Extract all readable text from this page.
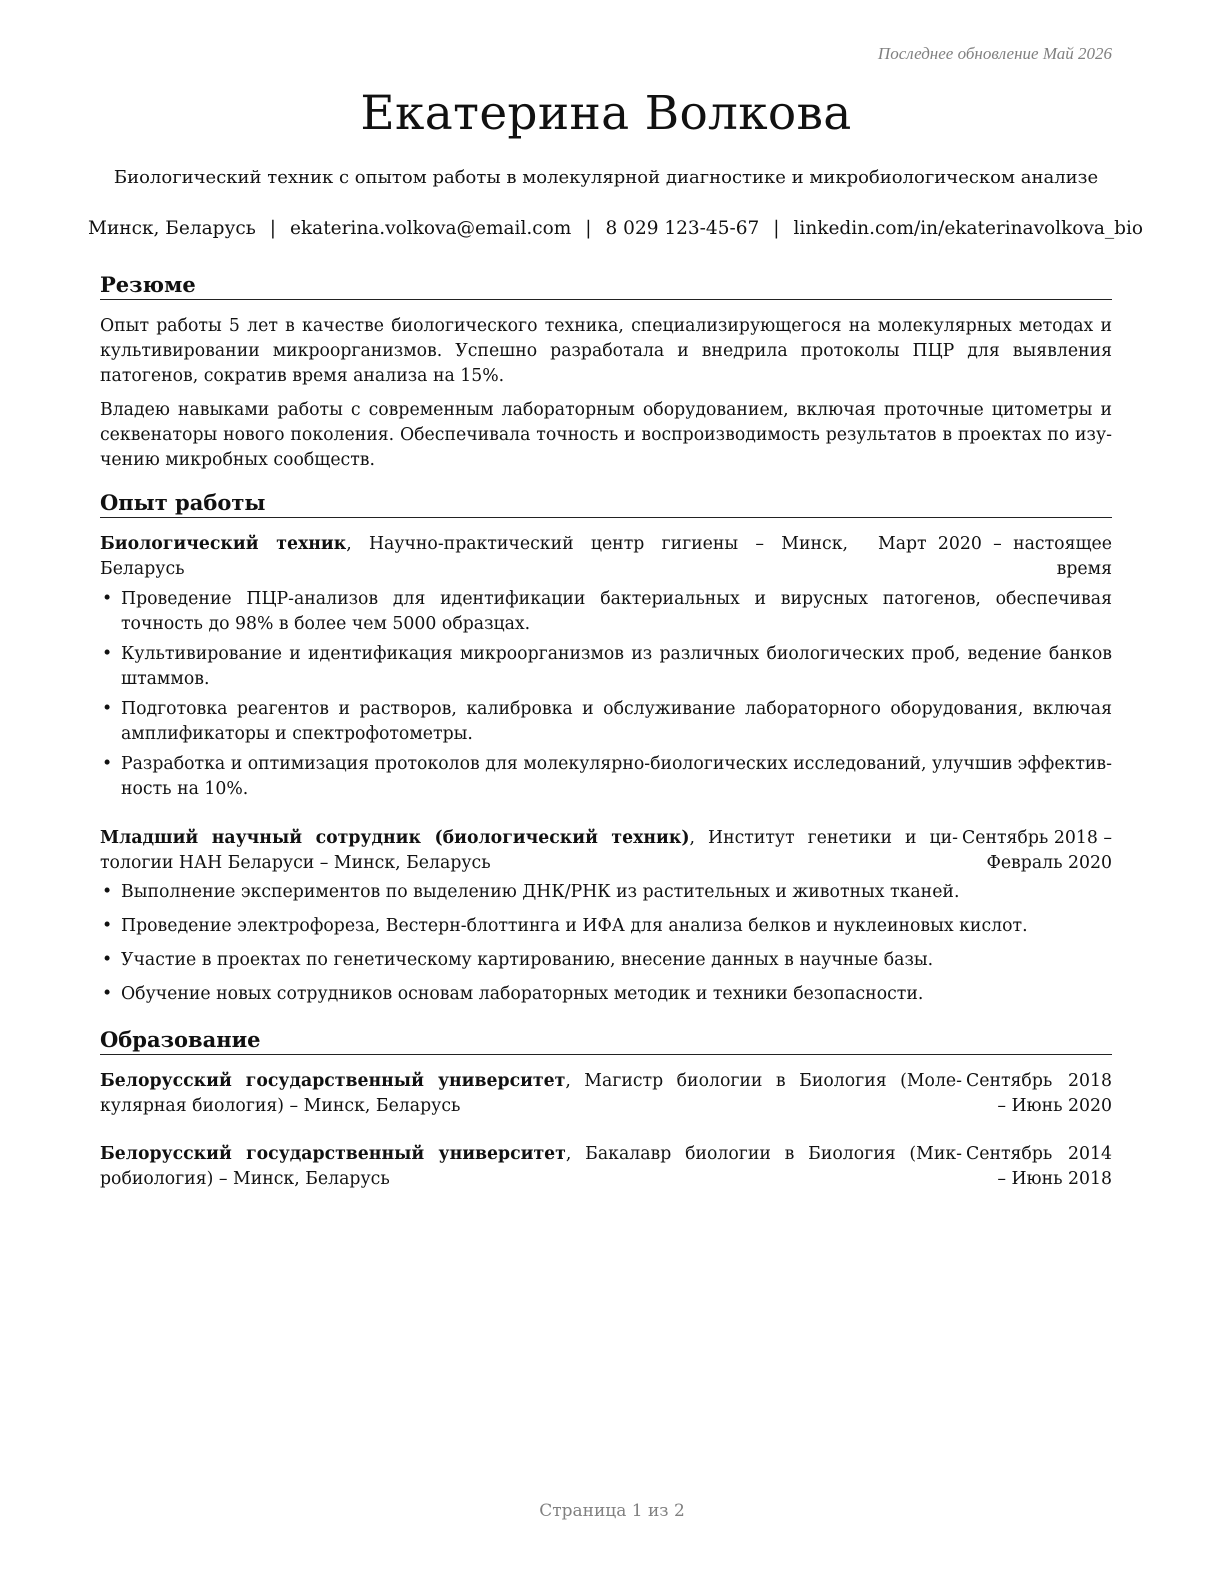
Последнее обновление Май 2026
Екатерина Волкова

Биологический техник с опытом работы в молекулярной диагностике и микробиологическом анализе

Минск, Беларусь | ekaterina.volkova@email.com | 8 029 123-45-67 | linkedin.com/in/ekaterinavolkova_bio
Резюме

Опыт работы 5 лет в качестве биологического техника, специализирующегося на молекулярных методах и культивировании микроорганизмов. Успешно разработала и внедрила протоколы ПЦР для выявления патогенов, сократив время анализа на 15%.

Владею навыками работы с современным лабораторным оборудованием, включая проточные цитометры и секвенаторы нового поколения. Обеспечивала точность и воспроизводимость результатов в проектах по изучению микробных сообществ.

Опыт работы
Биологический техник, Научно-практический центр гигиены – Минск, Беларусь
Март 2020 – настоящее время
• Проведение ПЦР-анализов для идентификации бактериальных и вирусных патогенов, обеспечивая точность до 98% в более чем 5000 образцах.
• Культивирование и идентификация микроорганизмов из различных биологических проб, ведение банков штаммов.
• Подготовка реагентов и растворов, калибровка и обслуживание лабораторного оборудования, включая амплификаторы и спектрофотометры.
• Разработка и оптимизация протоколов для молекулярно-биологических исследований, улучшив эффективность на 10%.
Младший научный сотрудник (биологический техник), Институт генетики и цитологии НАН Беларуси – Минск, Беларусь
Сентябрь 2018 – Февраль 2020
• Выполнение экспериментов по выделению ДНК/РНК из растительных и животных тканей.
• Проведение электрофореза, Вестерн-блоттинга и ИФА для анализа белков и нуклеиновых кислот.
• Участие в проектах по генетическому картированию, внесение данных в научные базы.
• Обучение новых сотрудников основам лабораторных методик и техники безопасности.
Образование
Белорусский государственный университет, Магистр биологии в Биология (Молекулярная биология) – Минск, Беларусь
Сентябрь 2018 – Июнь 2020
Белорусский государственный университет, Бакалавр биологии в Биология (Микробиология) – Минск, Беларусь
Сентябрь 2014 – Июнь 2018
Страница 1 из 2
